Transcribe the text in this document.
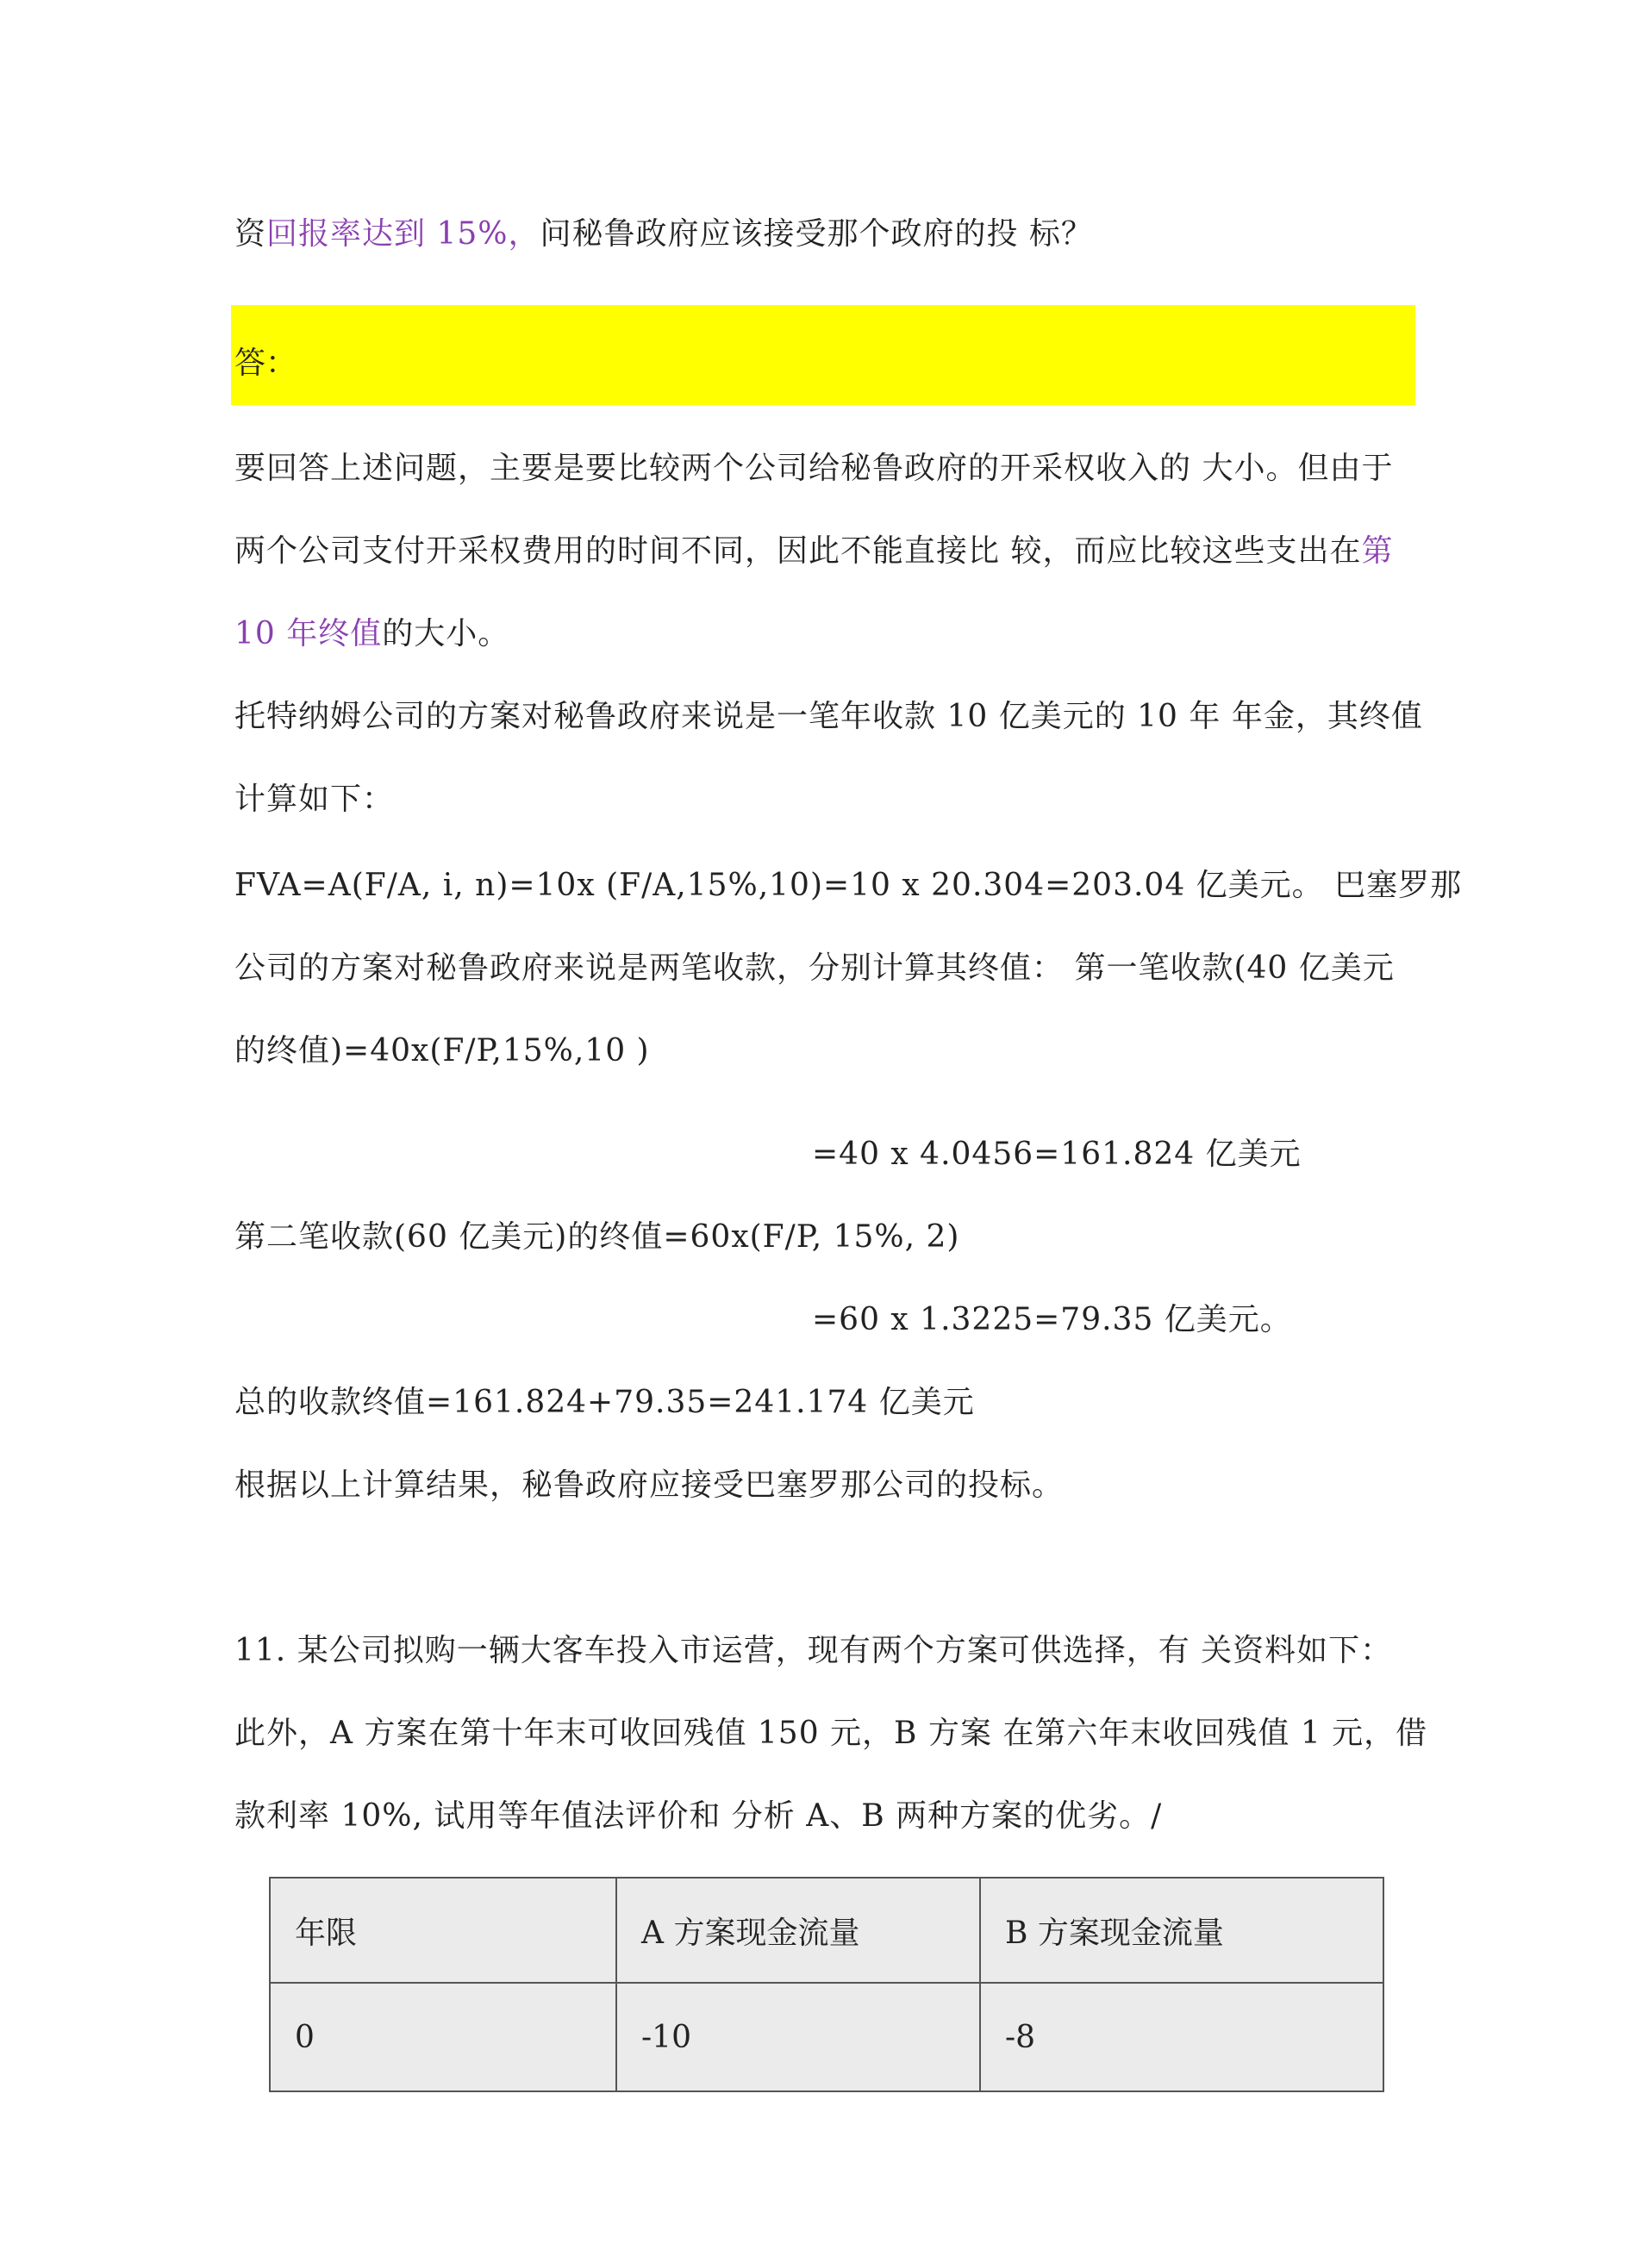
资回报率达到 15%，问秘鲁政府应该接受那个政府的投 标？
答：
要回答上述问题，主要是要比较两个公司给秘鲁政府的开采权收入的 大小。但由于
两个公司支付开采权费用的时间不同，因此不能直接比 较，而应比较这些支出在第
10 年终值的大小。
托特纳姆公司的方案对秘鲁政府来说是一笔年收款 10 亿美元的 10 年 年金，其终值
计算如下：
FVA=A(F/A, i, n)=10x (F/A,15%,10)=10 x 20.304=203.04 亿美元。 巴塞罗那
公司的方案对秘鲁政府来说是两笔收款，分别计算其终值： 第一笔收款(40 亿美元
的终值)=40x(F/P,15%,10 )
=40 x 4.0456=161.824 亿美元
第二笔收款(60 亿美元)的终值=60x(F/P, 15%, 2)
=60 x 1.3225=79.35 亿美元。
总的收款终值=161.824+79.35=241.174 亿美元
根据以上计算结果，秘鲁政府应接受巴塞罗那公司的投标。
11. 某公司拟购一辆大客车投入市运营，现有两个方案可供选择，有 关资料如下：
此外，A 方案在第十年末可收回残值 150 元，B 方案 在第六年末收回残值 1 元，借
款利率 10%, 试用等年值法评价和 分析 A、B 两种方案的优劣。/
年限	A 方案现金流量	B 方案现金流量
0	-10	-8
